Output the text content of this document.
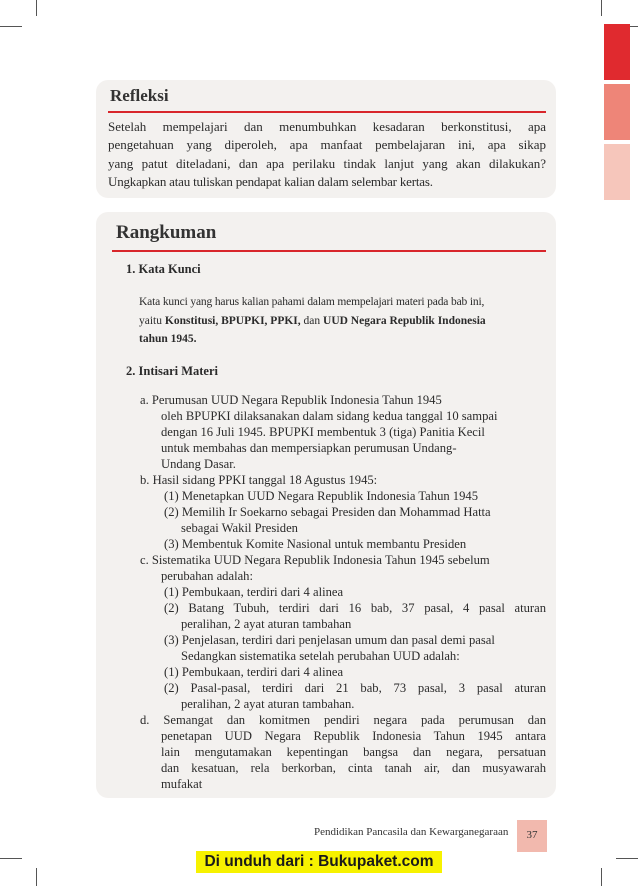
Refleksi
Setelah mempelajari dan menumbuhkan kesadaran berkonstitusi, apa
pengetahuan yang diperoleh, apa manfaat pembelajaran ini, apa sikap
yang patut diteladani, dan apa perilaku tindak lanjut yang akan dilakukan?
Ungkapkan atau tuliskan pendapat kalian dalam selembar kertas.
Rangkuman
1. Kata Kunci
Kata kunci yang harus kalian pahami dalam mempelajari materi pada bab ini,
yaitu Konstitusi, BPUPKI, PPKI, dan UUD Negara Republik Indonesia
tahun 1945.
2. Intisari Materi
a. Perumusan UUD Negara Republik Indonesia Tahun 1945
oleh BPUPKI dilaksanakan dalam sidang kedua tanggal 10 sampai
dengan 16 Juli 1945. BPUPKI membentuk 3 (tiga) Panitia Kecil
untuk membahas dan mempersiapkan perumusan Undang-
Undang Dasar.
b. Hasil sidang PPKI tanggal 18 Agustus 1945:
(1) Menetapkan UUD Negara Republik Indonesia Tahun 1945
(2) Memilih Ir Soekarno sebagai Presiden dan Mohammad Hatta
sebagai Wakil Presiden
(3) Membentuk Komite Nasional untuk membantu Presiden
c. Sistematika UUD Negara Republik Indonesia Tahun 1945 sebelum
perubahan adalah:
(1) Pembukaan, terdiri dari 4 alinea
(2) Batang Tubuh, terdiri dari 16 bab, 37 pasal, 4 pasal aturan
peralihan, 2 ayat aturan tambahan
(3) Penjelasan, terdiri dari penjelasan umum dan pasal demi pasal
Sedangkan sistematika setelah perubahan UUD adalah:
(1) Pembukaan, terdiri dari 4 alinea
(2) Pasal-pasal, terdiri dari 21 bab, 73 pasal, 3 pasal aturan
peralihan, 2 ayat aturan tambahan.
d. Semangat dan komitmen pendiri negara pada perumusan dan
penetapan UUD Negara Republik Indonesia Tahun 1945 antara
lain mengutamakan kepentingan bangsa dan negara, persatuan
dan kesatuan, rela berkorban, cinta tanah air, dan musyawarah
mufakat
Pendidikan Pancasila dan Kewarganegaraan	37
Di unduh dari : Bukupaket.com
